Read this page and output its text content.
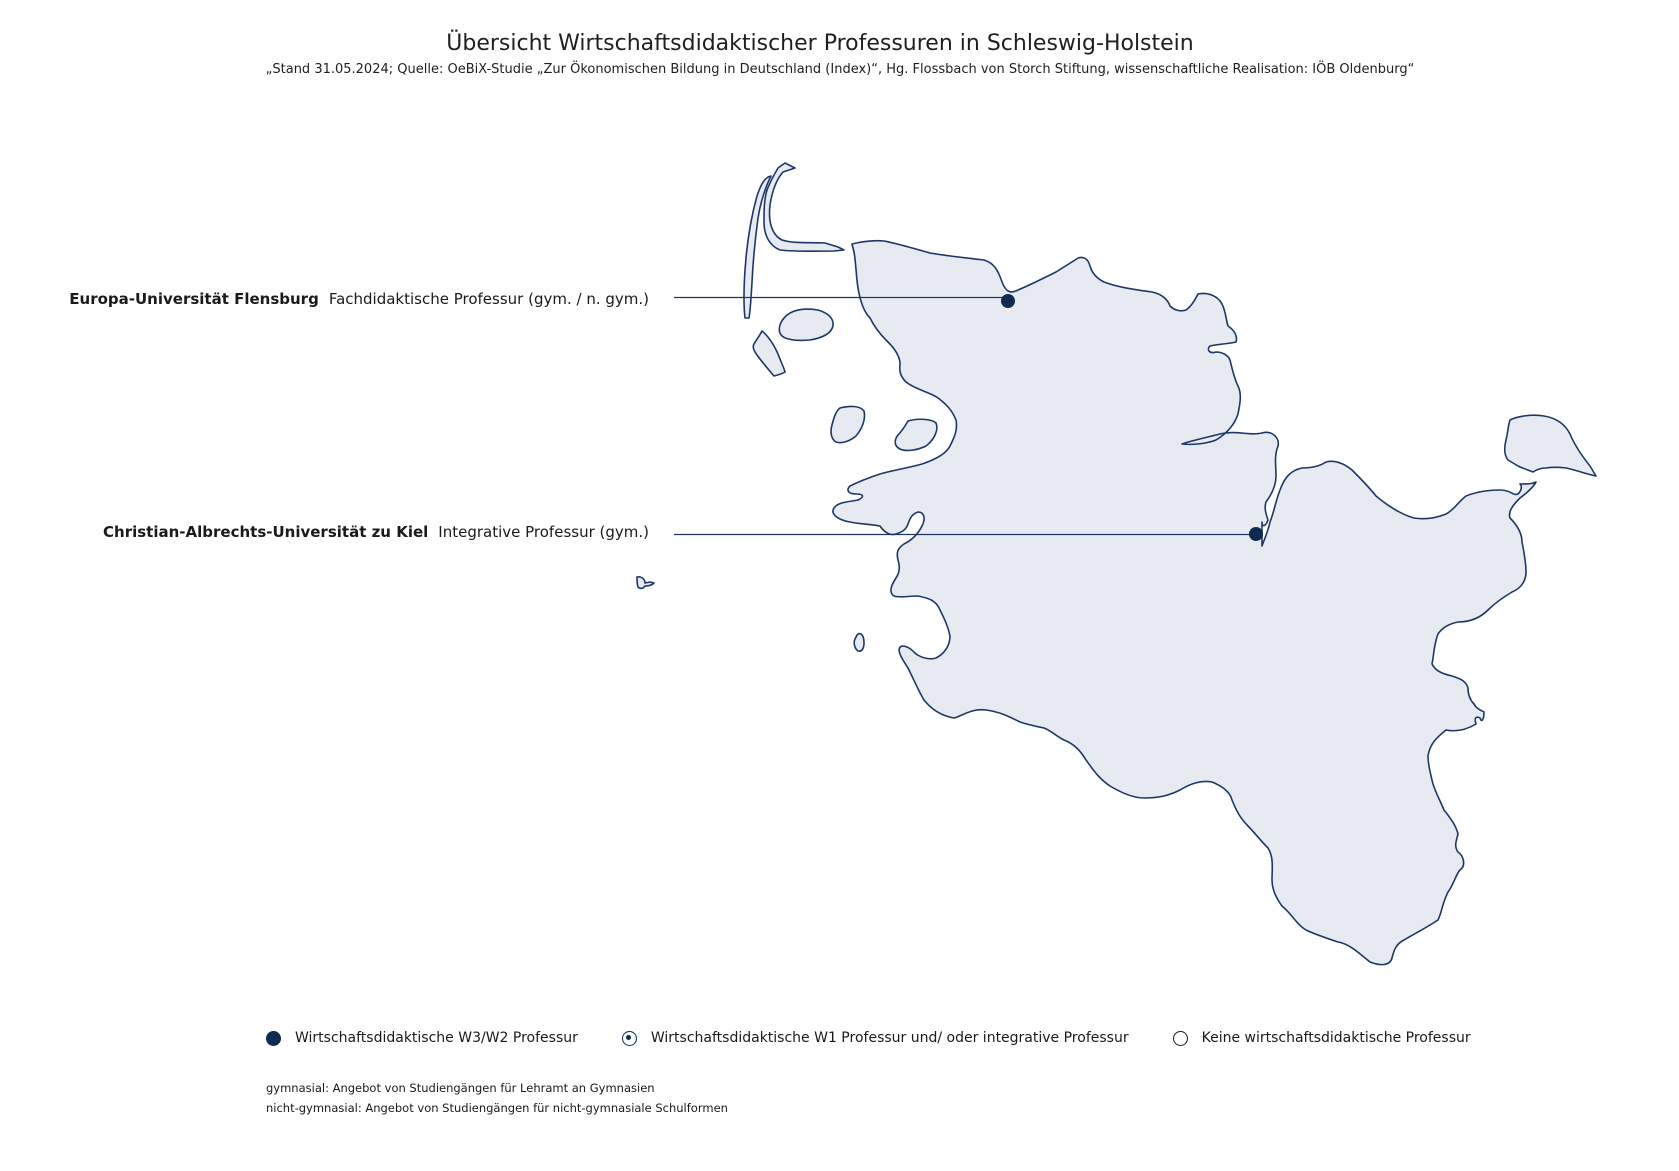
Übersicht Wirtschaftsdidaktischer Professuren in Schleswig-Holstein
„Stand 31.05.2024; Quelle: OeBiX-Studie „Zur Ökonomischen Bildung in Deutschland (Index)“, Hg. Flossbach von Storch Stiftung, wissenschaftliche Realisation: IÖB Oldenburg“
Europa-Universität Flensburg Fachdidaktische Professur (gym. / n. gym.)
Christian-Albrechts-Universität zu Kiel Integrative Professur (gym.)
Wirtschaftsdidaktische W3/W2 Professur	Wirtschaftsdidaktische W1 Professur und/ oder integrative Professur	Keine wirtschaftsdidaktische Professur
gymnasial: Angebot von Studiengängen für Lehramt an Gymnasien
nicht-gymnasial: Angebot von Studiengängen für nicht-gymnasiale Schulformen
